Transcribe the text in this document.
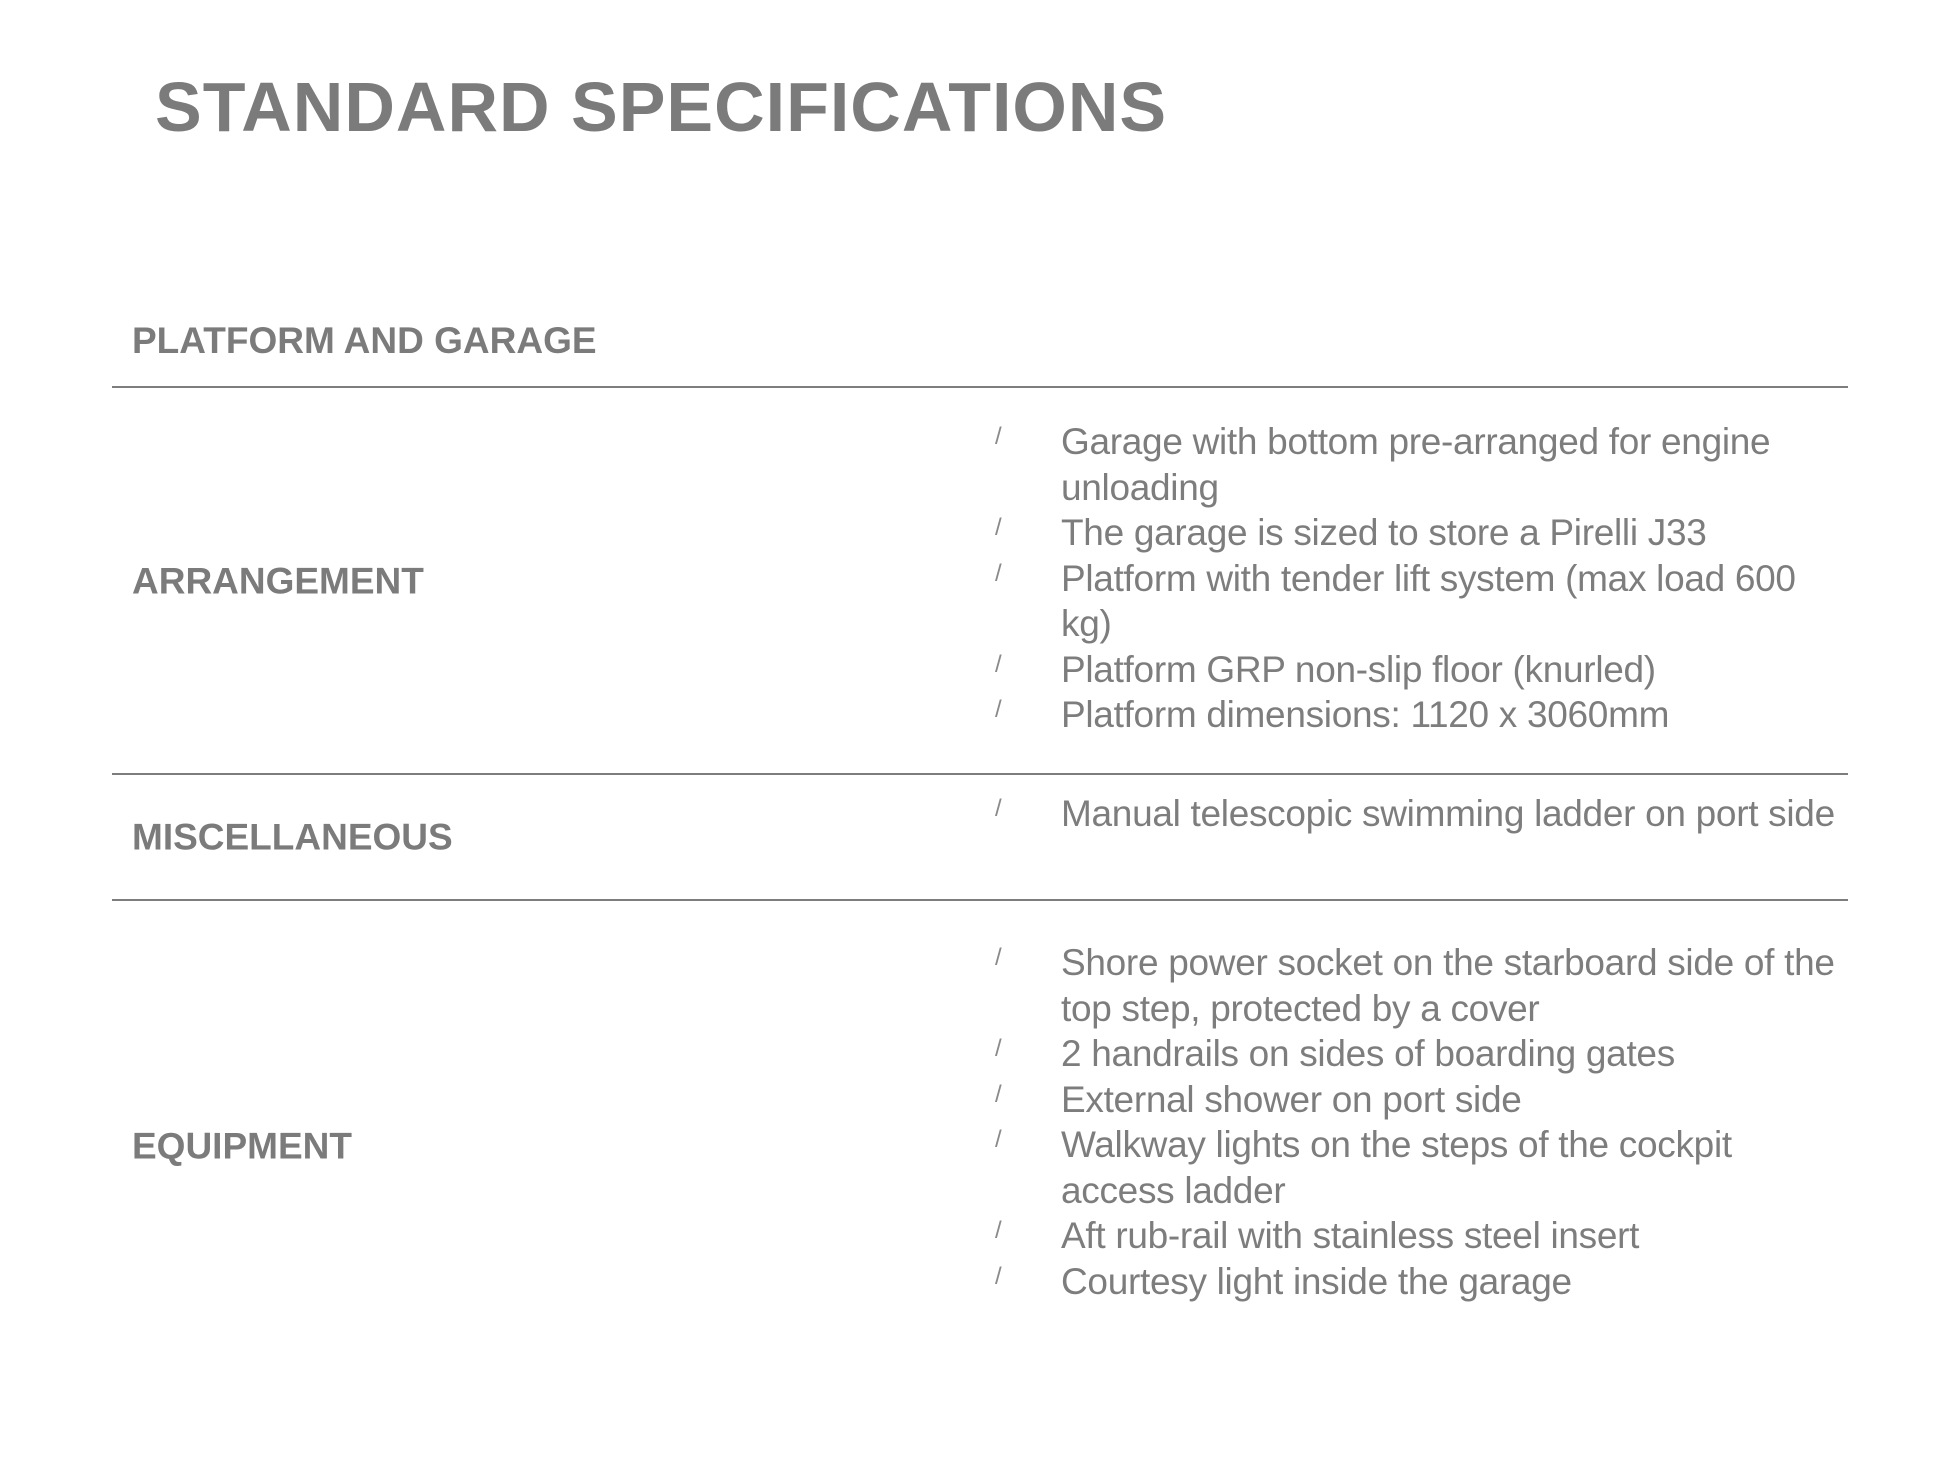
STANDARD SPECIFICATIONS
PLATFORM AND GARAGE
ARRANGEMENT
/	Garage with bottom pre-arranged for engine unloading
/	The garage is sized to store a Pirelli J33
/	Platform with tender lift system (max load 600 kg)
/	Platform GRP non-slip floor (knurled)
/	Platform dimensions: 1120 x 3060mm
MISCELLANEOUS
/	Manual telescopic swimming ladder on port side
EQUIPMENT
/	Shore power socket on the starboard side of the top step, protected by a cover
/	2 handrails on sides of boarding gates
/	External shower on port side
/	Walkway lights on the steps of the cockpit access ladder
/	Aft rub-rail with stainless steel insert
/	Courtesy light inside the garage
